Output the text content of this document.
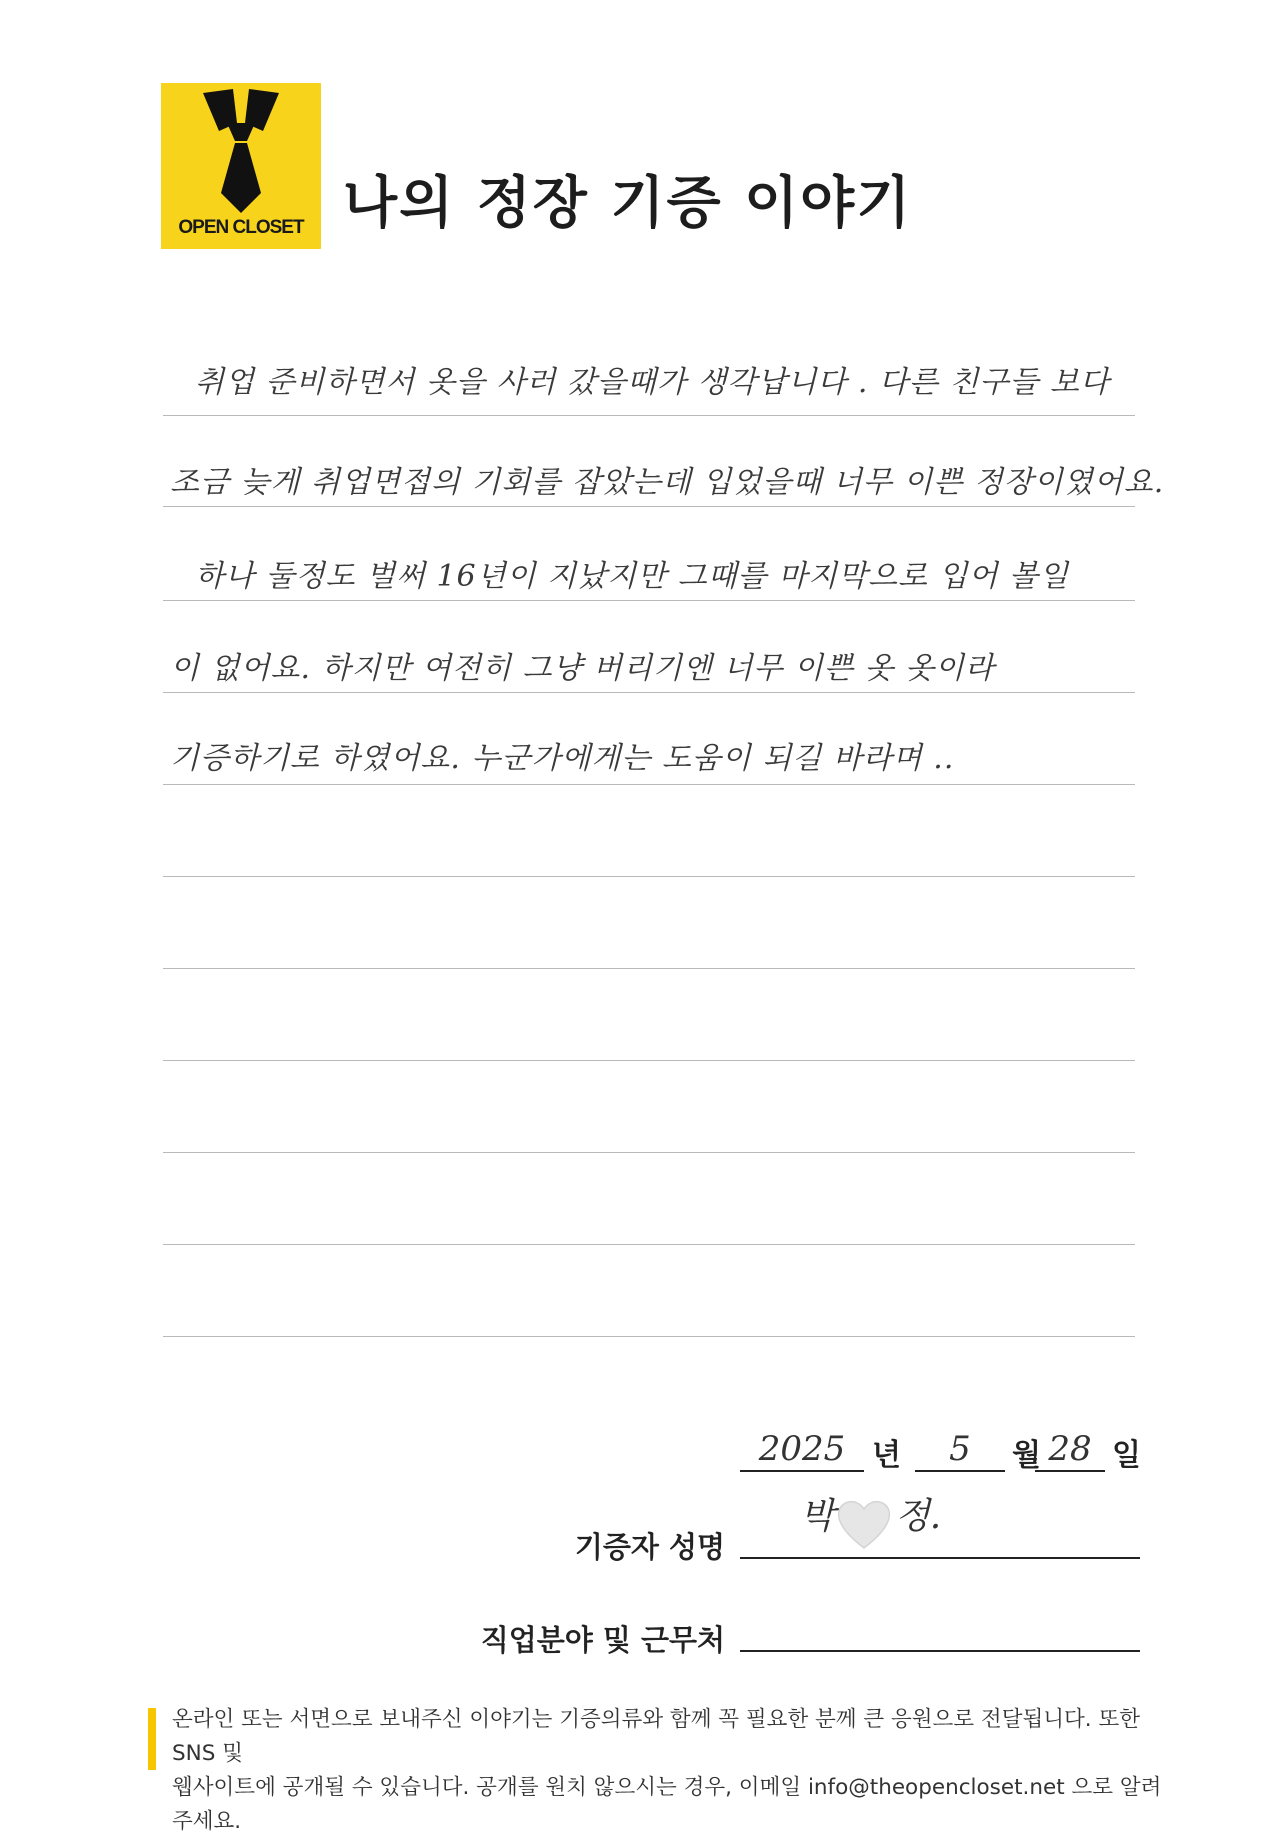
OPEN CLOSET 나의 정장 기증 이야기
취업 준비하면서 옷을 사러 갔을때가 생각납니다 . 다른 친구들 보다
조금 늦게 취업면접의 기회를 잡았는데 입었을때 너무 이쁜 정장이였어요.
하나 둘정도 벌써 16년이 지났지만 그때를 마지막으로 입어 볼일
이 없어요. 하지만 여전히 그냥 버리기엔 너무 이쁜 옷 옷이라
기증하기로 하였어요. 누군가에게는 도움이 되길 바라며 ..
2025 년	5	월 28 일
기증자 성명
박 정.
직업분야 및 근무처
온라인 또는 서면으로 보내주신 이야기는 기증의류와 함께 꼭 필요한 분께 큰 응원으로 전달됩니다. 또한 SNS 및
웹사이트에 공개될 수 있습니다. 공개를 원치 않으시는 경우, 이메일 info@theopencloset.net 으로 알려주세요.
